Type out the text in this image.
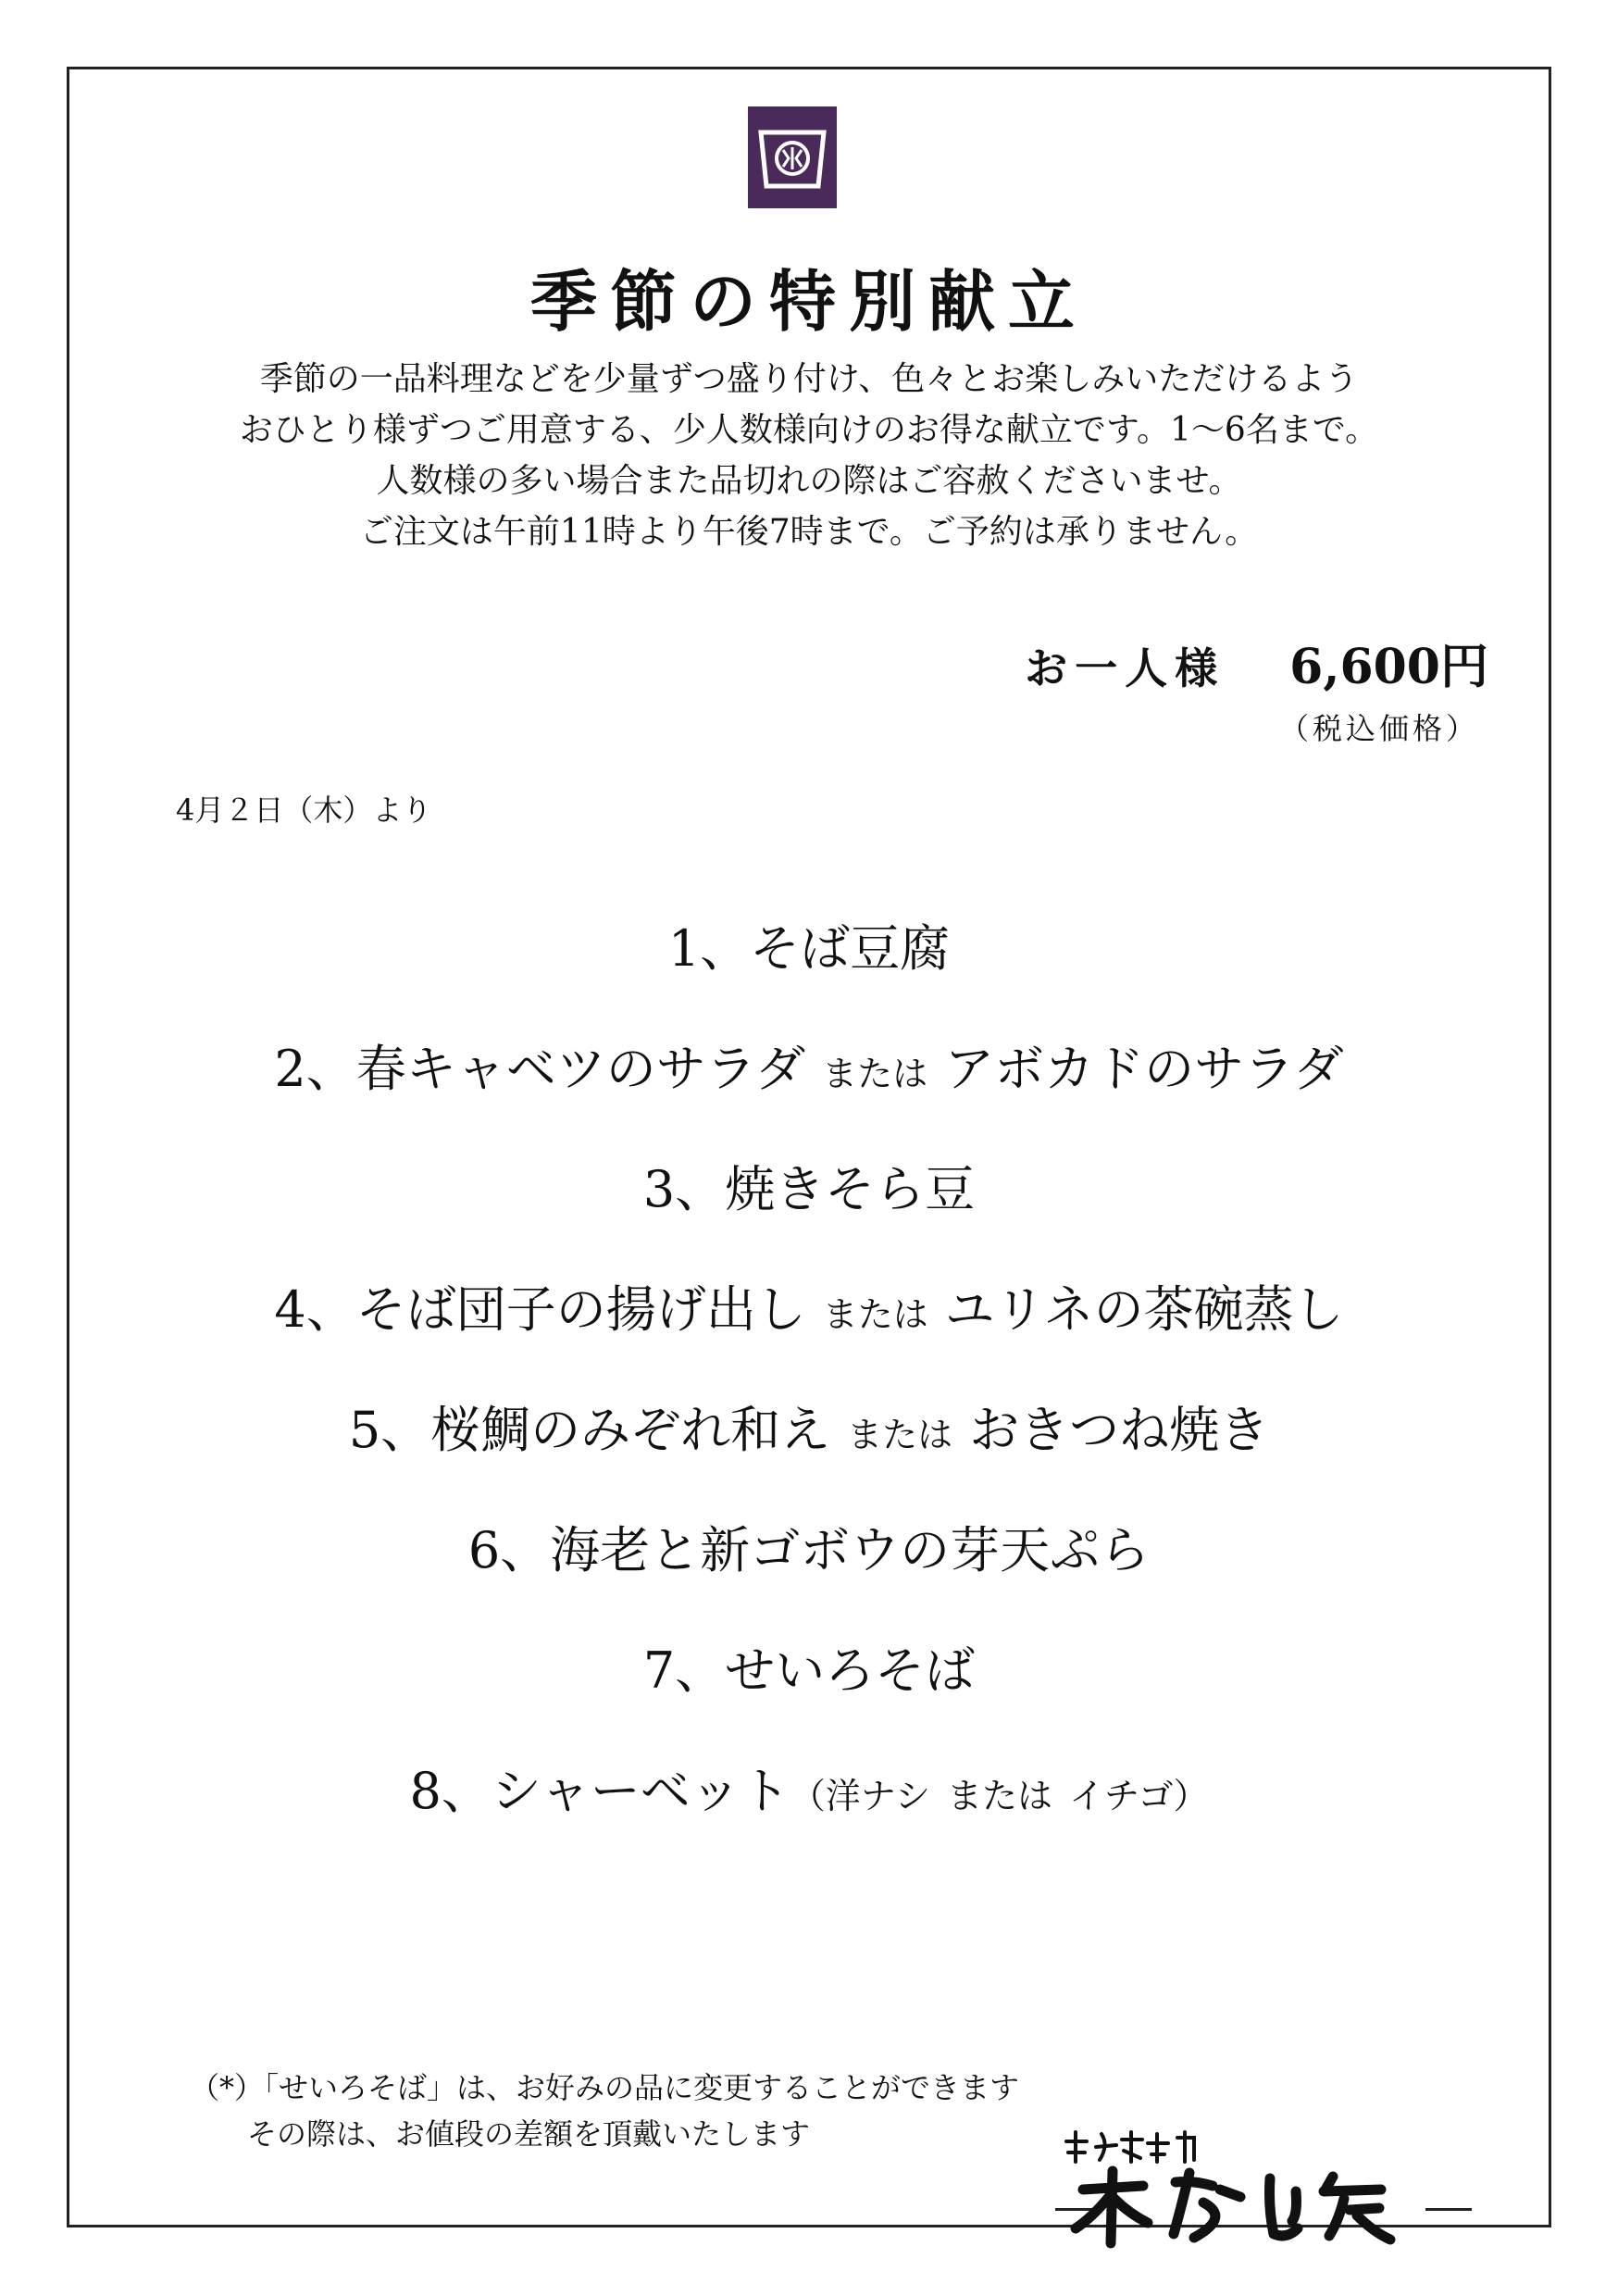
季節の特別献立
季節の一品料理などを少量ずつ盛り付け、色々とお楽しみいただけるよう
おひとり様ずつご用意する、少人数様向けのお得な献立です。1〜6名まで。
人数様の多い場合また品切れの際はご容赦くださいませ。
ご注文は午前11時より午後7時まで。ご予約は承りません。
お一人様 6,600円
（税込価格）
4月２日（木）より
1、そば豆腐
2、春キャベツのサラダ または アボカドのサラダ
3、焼きそら豆
4、そば団子の揚げ出し または ユリネの茶碗蒸し
5、桜鯛のみぞれ和え または おきつね焼き
6、海老と新ゴボウの芽天ぷら
7、せいろそば
8、シャーベット（洋ナシ または イチゴ）
（*）「せいろそば」は、お好みの品に変更することができます
その際は、お値段の差額を頂戴いたします
